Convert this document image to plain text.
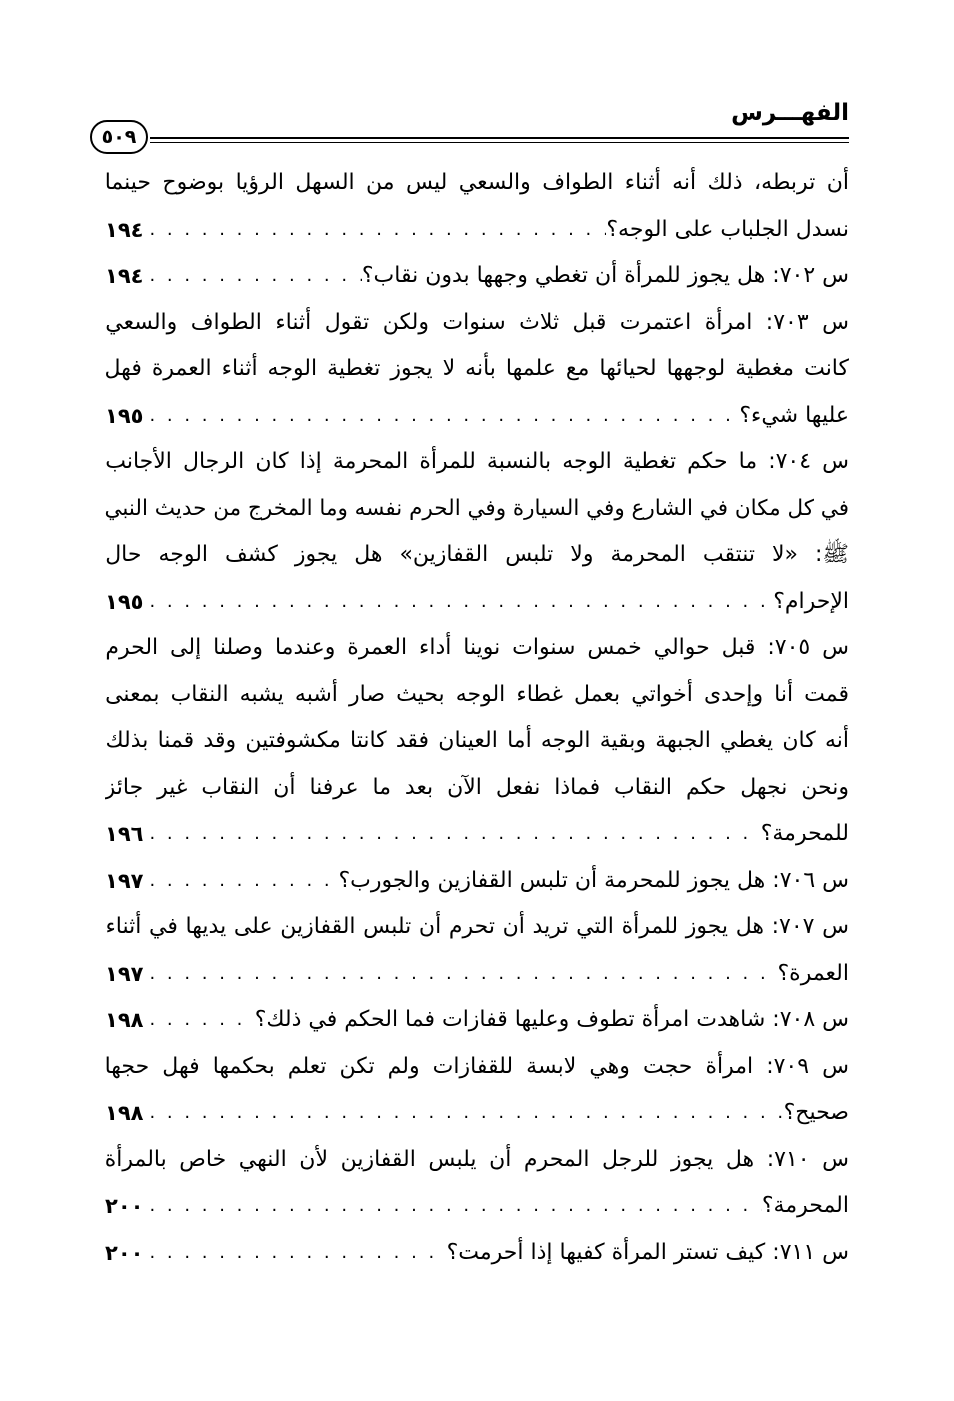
الفهـــرس
٥٠٩
أن تربطه، ذلك أنه أثناء الطواف والسعي ليس من السهل الرؤيا بوضوح حينما
نسدل الجلباب على الوجه؟
. . .
١٩٤
س ٧٠٢: هل يجوز للمرأة أن تغطي وجهها بدون نقاب؟
. . .
١٩٤
س ٧٠٣: امرأة اعتمرت قبل ثلاث سنوات ولكن تقول أثناء الطواف والسعي
كانت مغطية لوجهها لحيائها مع علمها بأنه لا يجوز تغطية الوجه أثناء العمرة فهل
عليها شيء؟
. . .
١٩٥
س ٧٠٤: ما حكم تغطية الوجه بالنسبة للمرأة المحرمة إذا كان الرجال الأجانب
في كل مكان في الشارع وفي السيارة وفي الحرم نفسه وما المخرج من حديث النبي
ﷺ: «لا تنتقب المحرمة ولا تلبس القفازين» هل يجوز كشف الوجه حال
الإحرام؟
. . .
١٩٥
س ٧٠٥: قبل حوالي خمس سنوات نوينا أداء العمرة وعندما وصلنا إلى الحرم
قمت أنا وإحدى أخواتي بعمل غطاء الوجه بحيث صار أشبه يشبه النقاب بمعنى
أنه كان يغطي الجبهة وبقية الوجه أما العينان فقد كانتا مكشوفتين وقد قمنا بذلك
ونحن نجهل حكم النقاب فماذا نفعل الآن بعد ما عرفنا أن النقاب غير جائز
للمحرمة؟
. . .
١٩٦
س ٧٠٦: هل يجوز للمحرمة أن تلبس القفازين والجورب؟
. . .
١٩٧
س ٧٠٧: هل يجوز للمرأة التي تريد أن تحرم أن تلبس القفازين على يديها في أثناء
العمرة؟
. . .
١٩٧
س ٧٠٨: شاهدت امرأة تطوف وعليها قفازات فما الحكم في ذلك؟
. . .
١٩٨
س ٧٠٩: امرأة حجت وهي لابسة للقفازات ولم تكن تعلم بحكمها فهل حجها
صحيح؟
. . .
١٩٨
س ٧١٠: هل يجوز للرجل المحرم أن يلبس القفازين لأن النهي خاص بالمرأة
المحرمة؟
. . .
٢٠٠
س ٧١١: كيف تستر المرأة كفيها إذا أحرمت؟
. . .
٢٠٠
